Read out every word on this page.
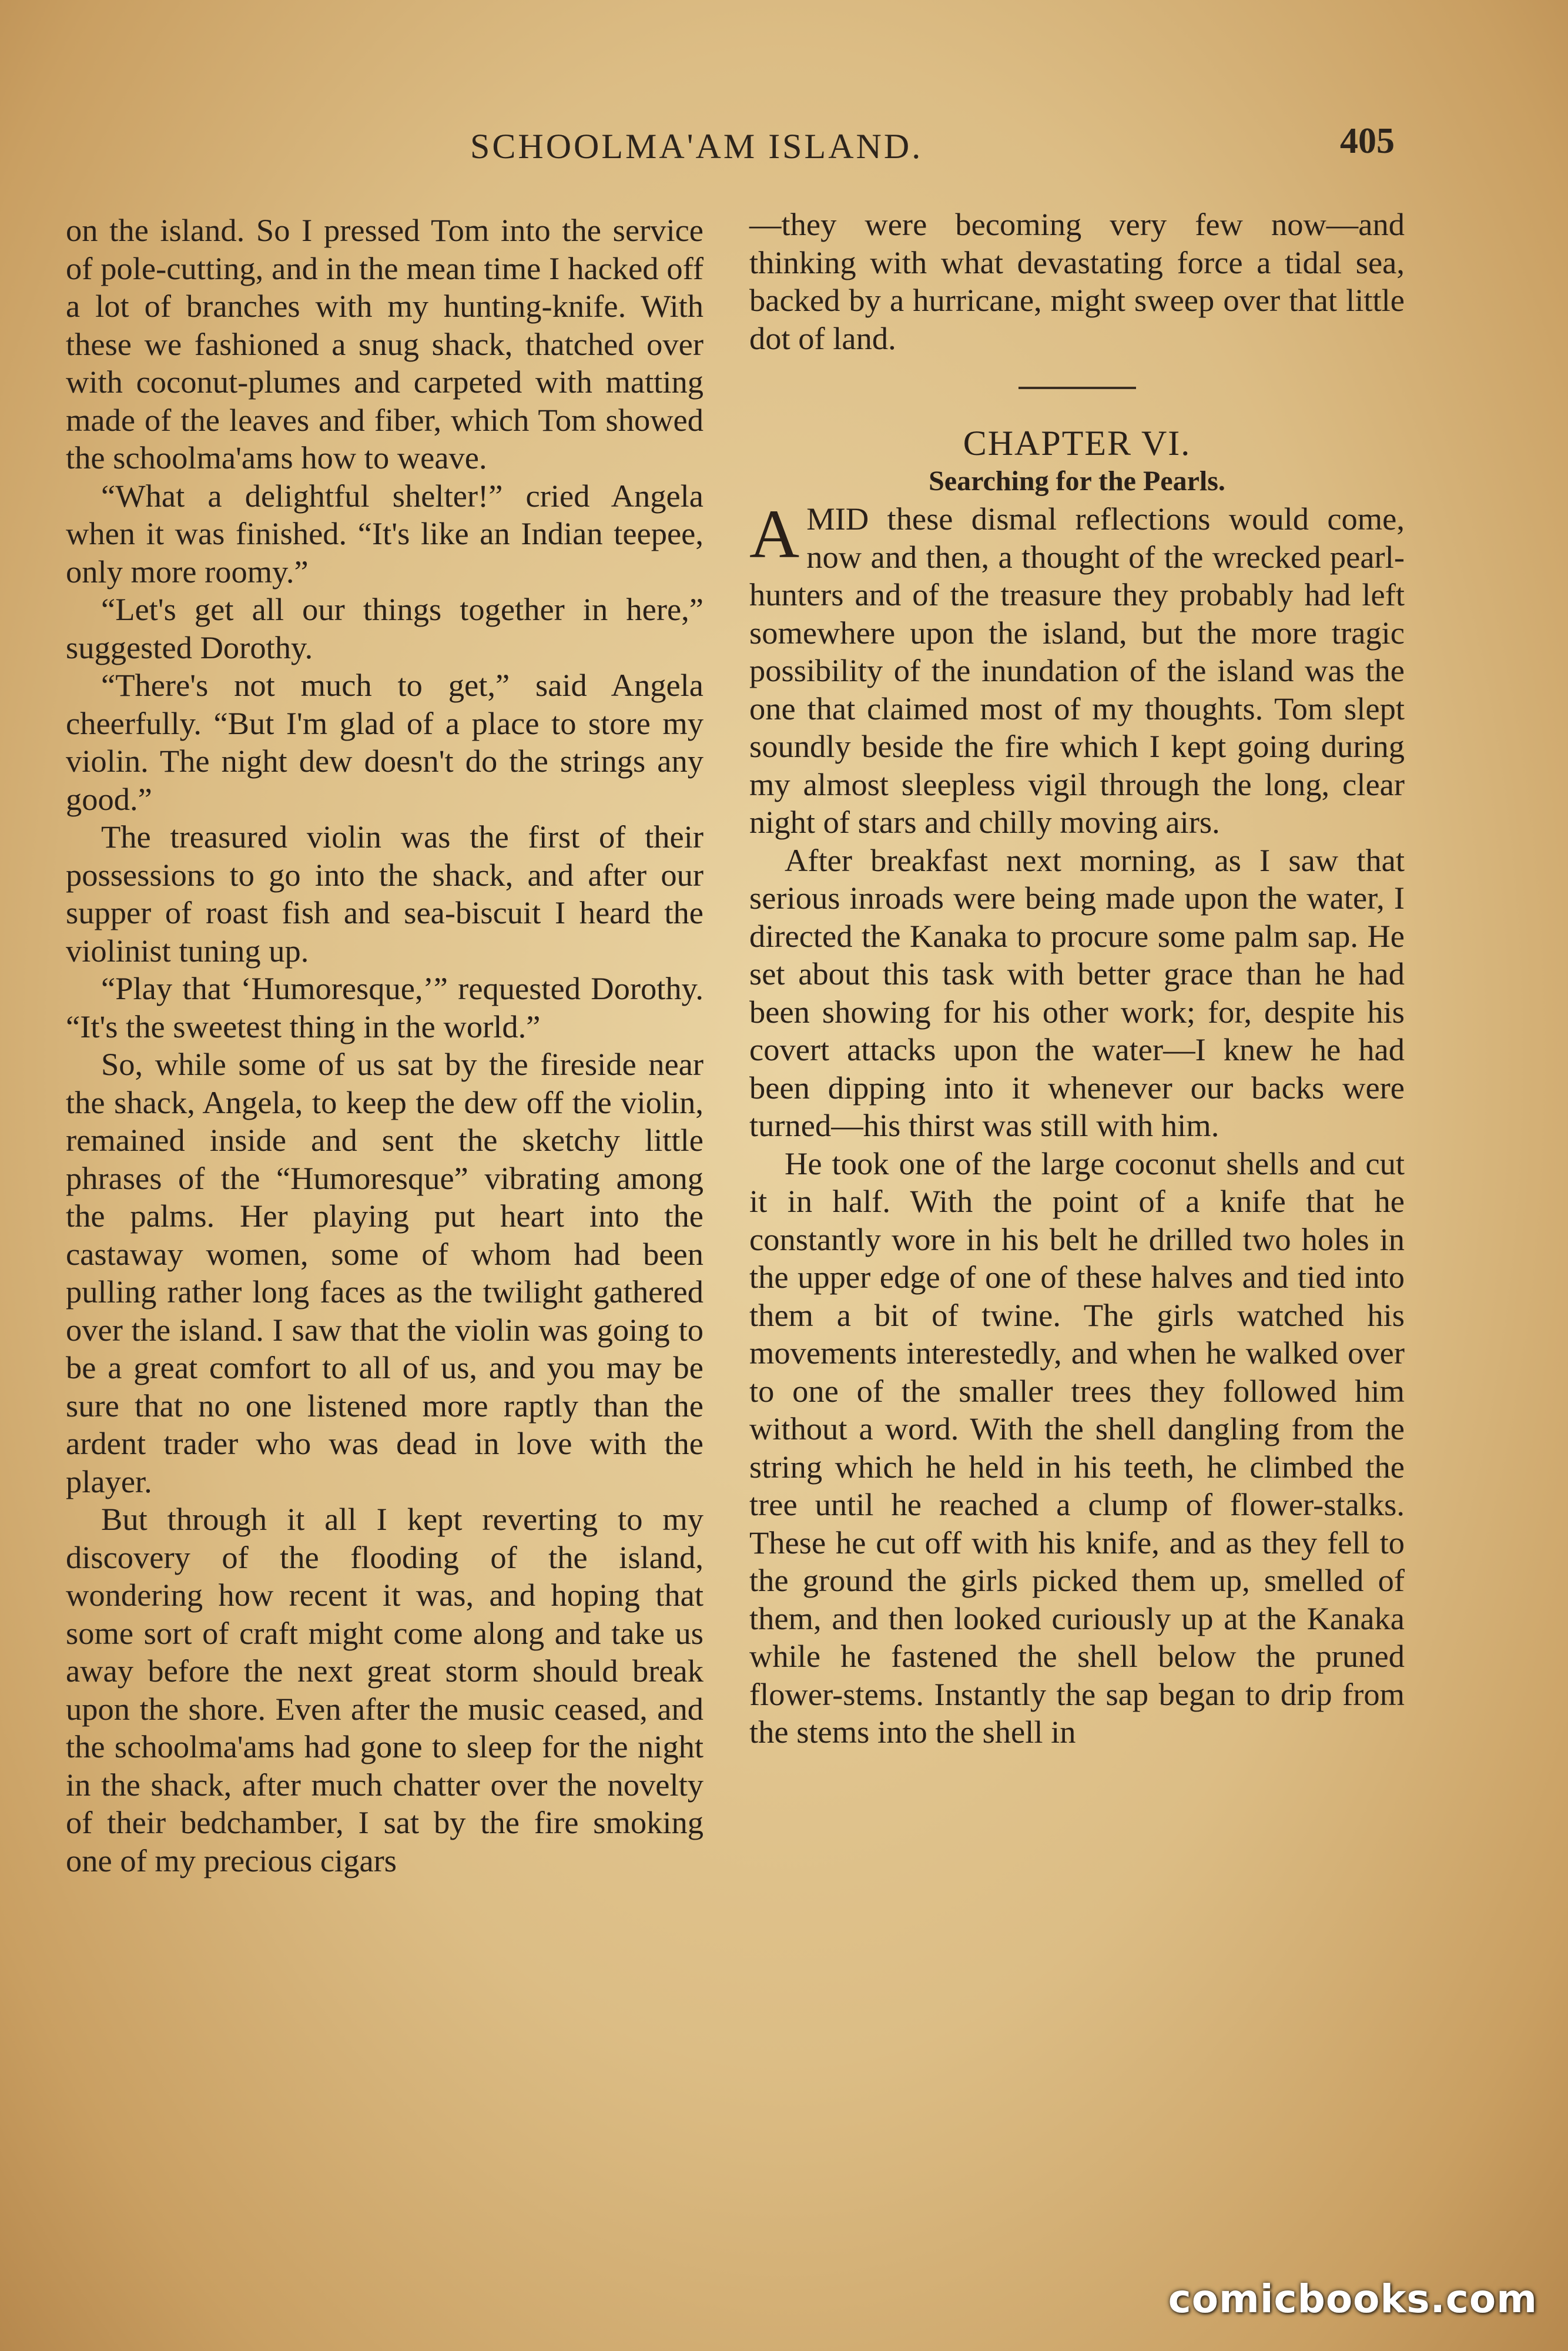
SCHOOLMA'AM ISLAND.	405

on the island. So I pressed Tom into the service of pole-cutting, and in the mean time I hacked off a lot of branches with my hunting-knife. With these we fashioned a snug shack, thatched over with coconut-plumes and carpeted with matting made of the leaves and fiber, which Tom showed the schoolma'ams how to weave.

“What a delightful shelter!” cried Angela when it was finished. “It's like an Indian teepee, only more roomy.”

“Let's get all our things together in here,” suggested Dorothy.

“There's not much to get,” said Angela cheerfully. “But I'm glad of a place to store my violin. The night dew doesn't do the strings any good.”

The treasured violin was the first of their possessions to go into the shack, and after our supper of roast fish and sea-biscuit I heard the violinist tuning up.

“Play that ‘Humoresque,’” requested Dorothy. “It's the sweetest thing in the world.”

So, while some of us sat by the fireside near the shack, Angela, to keep the dew off the violin, remained inside and sent the sketchy little phrases of the “Humoresque” vibrating among the palms. Her playing put heart into the castaway women, some of whom had been pulling rather long faces as the twilight gathered over the island. I saw that the violin was going to be a great comfort to all of us, and you may be sure that no one listened more raptly than the ardent trader who was dead in love with the player.

But through it all I kept reverting to my discovery of the flooding of the island, wondering how recent it was, and hoping that some sort of craft might come along and take us away before the next great storm should break upon the shore. Even after the music ceased, and the schoolma'ams had gone to sleep for the night in the shack, after much chatter over the novelty of their bedchamber, I sat by the fire smoking one of my precious cigars

—they were becoming very few now—and thinking with what devastating force a tidal sea, backed by a hurricane, might sweep over that little dot of land.

CHAPTER VI.

Searching for the Pearls.

AMID these dismal reflections would come, now and then, a thought of the wrecked pearl-hunters and of the treasure they probably had left somewhere upon the island, but the more tragic possibility of the inundation of the island was the one that claimed most of my thoughts. Tom slept soundly beside the fire which I kept going during my almost sleepless vigil through the long, clear night of stars and chilly moving airs.

After breakfast next morning, as I saw that serious inroads were being made upon the water, I directed the Kanaka to procure some palm sap. He set about this task with better grace than he had been showing for his other work; for, despite his covert attacks upon the water—I knew he had been dipping into it whenever our backs were turned—his thirst was still with him.

He took one of the large coconut shells and cut it in half. With the point of a knife that he constantly wore in his belt he drilled two holes in the upper edge of one of these halves and tied into them a bit of twine. The girls watched his movements interestedly, and when he walked over to one of the smaller trees they followed him without a word. With the shell dangling from the string which he held in his teeth, he climbed the tree until he reached a clump of flower-stalks. These he cut off with his knife, and as they fell to the ground the girls picked them up, smelled of them, and then looked curiously up at the Kanaka while he fastened the shell below the pruned flower-stems. Instantly the sap began to drip from the stems into the shell in

comicbooks.com
